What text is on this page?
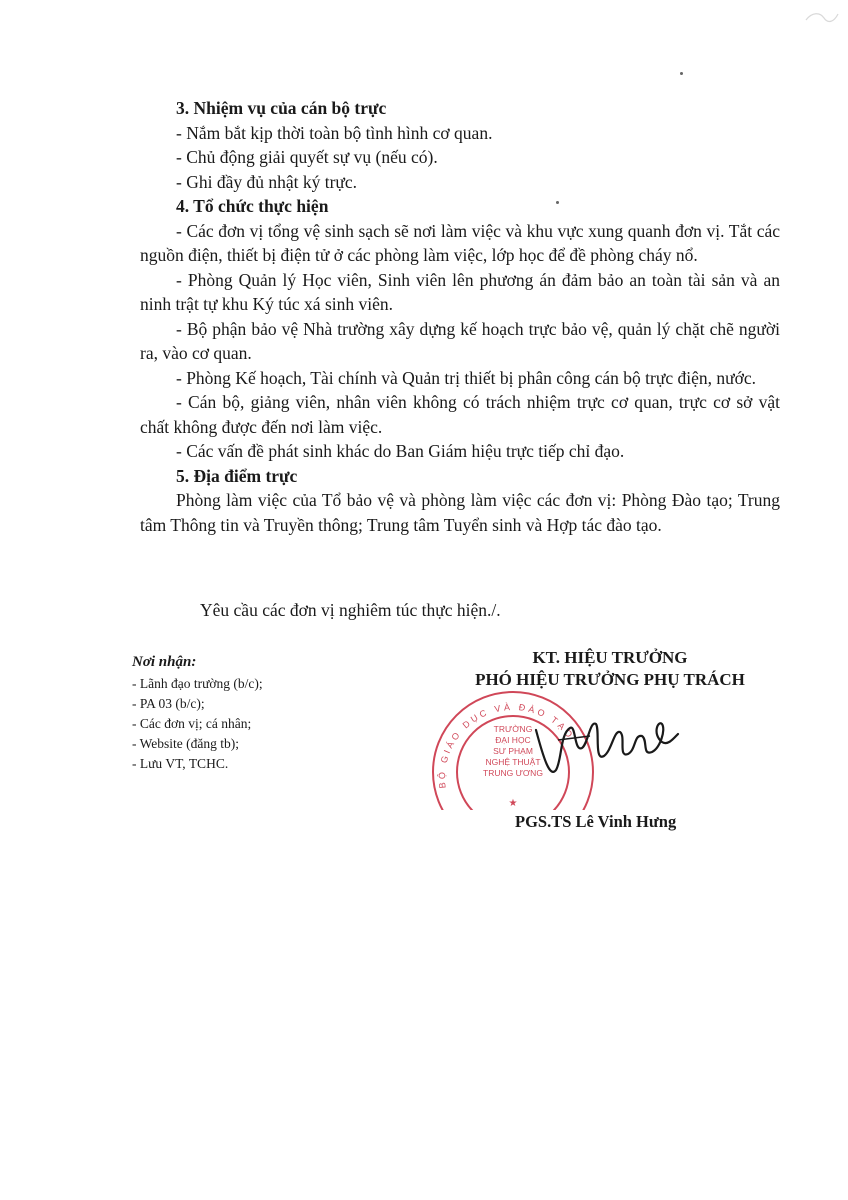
3. Nhiệm vụ của cán bộ trực

- Nắm bắt kịp thời toàn bộ tình hình cơ quan.

- Chủ động giải quyết sự vụ (nếu có).

- Ghi đầy đủ nhật ký trực.

4. Tổ chức thực hiện

- Các đơn vị tổng vệ sinh sạch sẽ nơi làm việc và khu vực xung quanh đơn vị. Tắt các nguồn điện, thiết bị điện tử ở các phòng làm việc, lớp học để đề phòng cháy nổ.

- Phòng Quản lý Học viên, Sinh viên lên phương án đảm bảo an toàn tài sản và an ninh trật tự khu Ký túc xá sinh viên.

- Bộ phận bảo vệ Nhà trường xây dựng kế hoạch trực bảo vệ, quản lý chặt chẽ người ra, vào cơ quan.

- Phòng Kế hoạch, Tài chính và Quản trị thiết bị phân công cán bộ trực điện, nước.

- Cán bộ, giảng viên, nhân viên không có trách nhiệm trực cơ quan, trực cơ sở vật chất không được đến nơi làm việc.

- Các vấn đề phát sinh khác do Ban Giám hiệu trực tiếp chỉ đạo.

5. Địa điểm trực

Phòng làm việc của Tổ bảo vệ và phòng làm việc các đơn vị: Phòng Đào tạo; Trung tâm Thông tin và Truyền thông; Trung tâm Tuyển sinh và Hợp tác đào tạo.

Yêu cầu các đơn vị nghiêm túc thực hiện./.
Nơi nhận:

- Lãnh đạo trường (b/c);

- PA 03 (b/c);

- Các đơn vị; cá nhân;

- Website (đăng tb);

- Lưu VT, TCHC.

KT. HIỆU TRƯỞNG
PHÓ HIỆU TRƯỞNG PHỤ TRÁCH
BỘ GIÁO DỤC VÀ ĐÀO TẠO
TRƯỜNG
ĐẠI HỌC
SƯ PHẠM
NGHỆ THUẬT
TRUNG ƯƠNG
★
PGS.TS Lê Vinh Hưng
